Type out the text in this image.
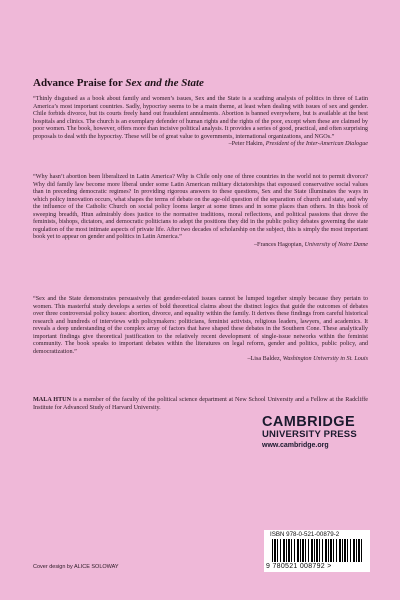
Advance Praise for Sex and the State

“Thinly disguised as a book about family and women’s issues, Sex and the State is a scathing analysis of politics in three of Latin America’s most important countries. Sadly, hypocrisy seems to be a main theme, at least when dealing with issues of sex and gender. Chile forbids divorce, but its courts freely hand out fraudulent annulments. Abortion is banned everywhere, but is available at the best hospitals and clinics. The church is an exemplary defender of human rights and the rights of the poor, except when these are claimed by poor women. The book, however, offers more than incisive political analysis. It provides a series of good, practical, and often surprising proposals to deal with the hypocrisy. These will be of great value to governments, international organizations, and NGOs.”

–Peter Hakim, President of the Inter-American Dialogue

“Why hasn’t abortion been liberalized in Latin America? Why is Chile only one of three countries in the world not to permit divorce? Why did family law become more liberal under some Latin American military dictatorships that espoused conservative social values than in preceding democratic regimes? In providing rigorous answers to these questions, Sex and the State illuminates the ways in which policy innovation occurs, what shapes the terms of debate on the age-old question of the separation of church and state, and why the influence of the Catholic Church on social policy looms larger at some times and in some places than others. In this book of sweeping breadth, Htun admirably does justice to the normative traditions, moral reflections, and political passions that drove the feminists, bishops, dictators, and democratic politicians to adopt the positions they did in the public policy debates governing the state regulation of the most intimate aspects of private life. After two decades of scholarship on the subject, this is simply the most important book yet to appear on gender and politics in Latin America.”

–Frances Hagopian, University of Notre Dame

“Sex and the State demonstrates persuasively that gender-related issues cannot be lumped together simply because they pertain to women. This masterful study develops a series of bold theoretical claims about the distinct logics that guide the outcomes of debates over three controversial policy issues: abortion, divorce, and equality within the family. It derives these findings from careful historical research and hundreds of interviews with policymakers: politicians, feminist activists, religious leaders, lawyers, and academics. It reveals a deep understanding of the complex array of factors that have shaped these debates in the Southern Cone. These analytically important findings give theoretical justification to the relatively recent development of single-issue networks within the feminist community. The book speaks to important debates within the literatures on legal reform, gender and politics, public policy, and democratization.”

–Lisa Baldez, Washington University in St. Louis
MALA HTUN is a member of the faculty of the political science department at New School University and a Fellow at the Radcliffe Institute for Advanced Study of Harvard University.
CAMBRIDGE
UNIVERSITY PRESS
www.cambridge.org
ISBN 978-0-521-00879-2
9 780521 008792 >
Cover design by ALICE SOLOWAY
